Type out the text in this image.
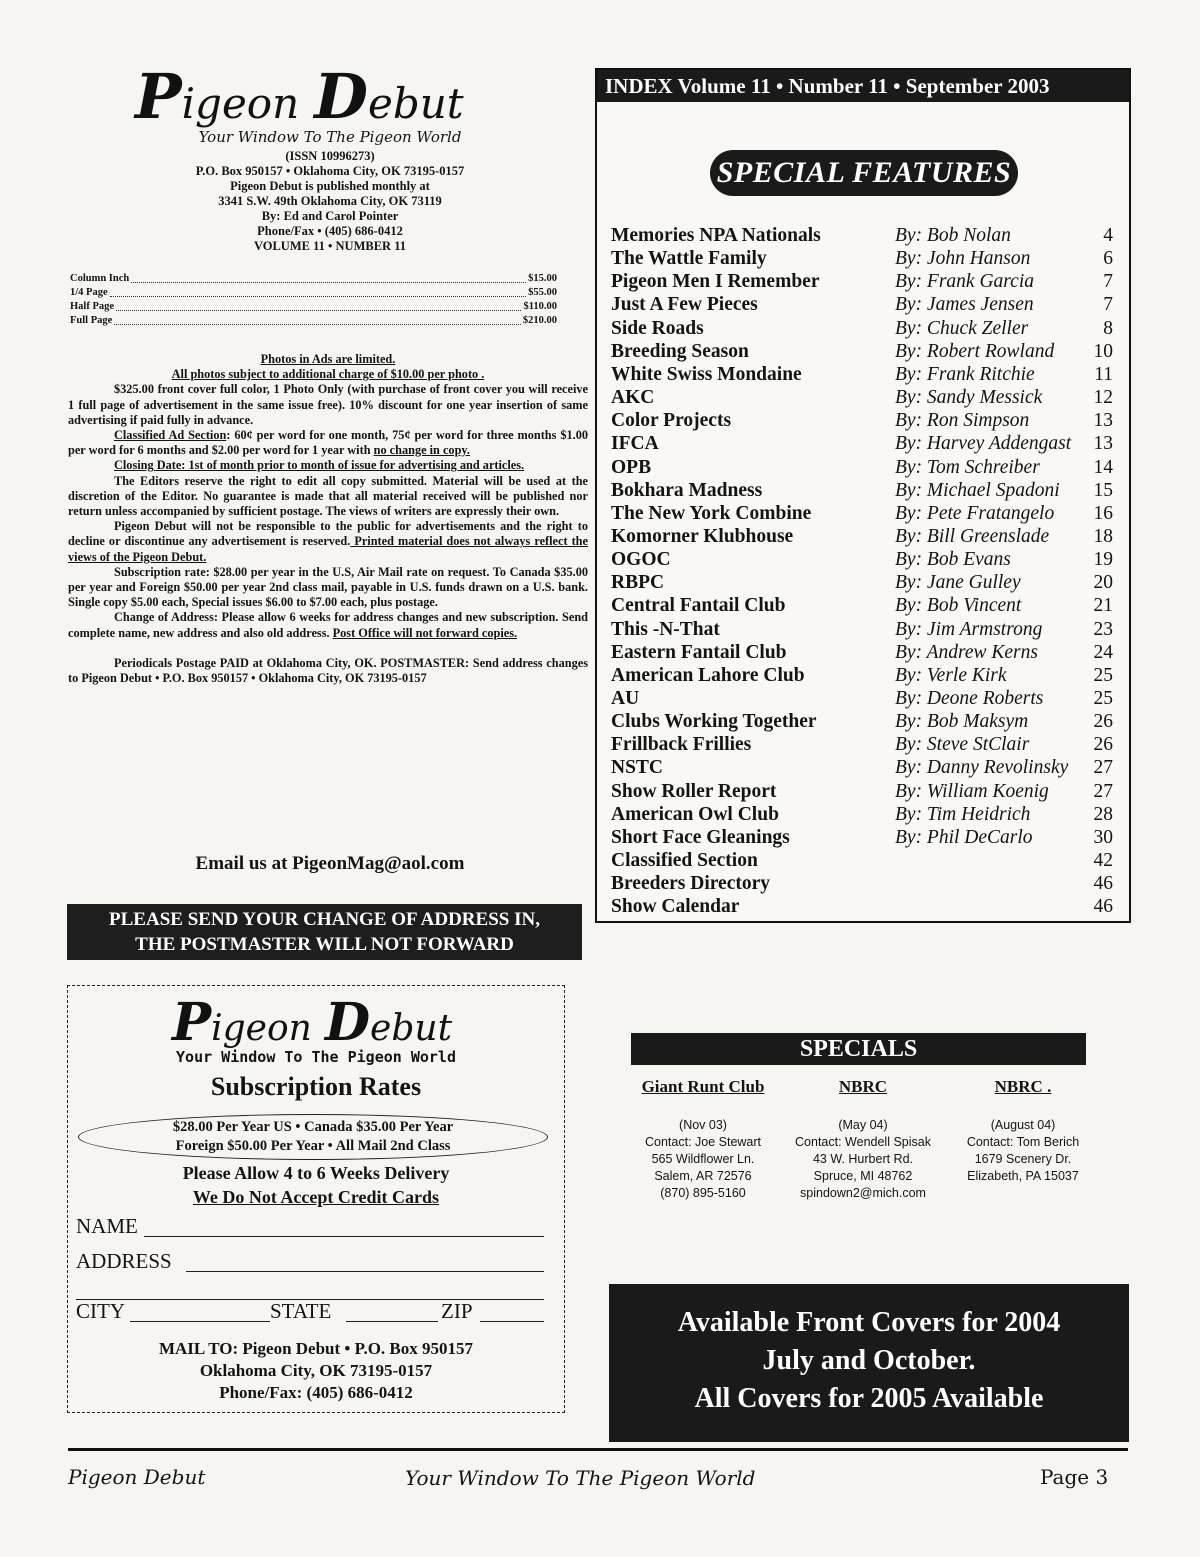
Pigeon Debut
Your Window To The Pigeon World
(ISSN 10996273)
P.O. Box 950157 • Oklahoma City, OK 73195-0157
Pigeon Debut is published monthly at
3341 S.W. 49th Oklahoma City, OK 73119
By: Ed and Carol Pointer
Phone/Fax • (405) 686-0412
VOLUME 11 • NUMBER 11
Column Inch	$15.00
1/4 Page	$55.00
Half Page	$110.00
Full Page	$210.00

Photos in Ads are limited.

All photos subject to additional charge of $10.00 per photo .

$325.00 front cover full color, 1 Photo Only (with purchase of front cover you will receive 1 full page of advertisement in the same issue free). 10% discount for one year insertion of same advertising if paid fully in advance.

Classified Ad Section: 60¢ per word for one month, 75¢ per word for three months $1.00 per word for 6 months and $2.00 per word for 1 year with no change in copy.

Closing Date: 1st of month prior to month of issue for advertising and articles.

The Editors reserve the right to edit all copy submitted. Material will be used at the discretion of the Editor. No guarantee is made that all material received will be published nor return unless accompanied by sufficient postage. The views of writers are expressly their own.

Pigeon Debut will not be responsible to the public for advertisements and the right to decline or discontinue any advertisement is reserved. Printed material does not always reflect the views of the Pigeon Debut.

Subscription rate: $28.00 per year in the U.S, Air Mail rate on request. To Canada $35.00 per year and Foreign $50.00 per year 2nd class mail, payable in U.S. funds drawn on a U.S. bank. Single copy $5.00 each, Special issues $6.00 to $7.00 each, plus postage.

Change of Address: Please allow 6 weeks for address changes and new subscription. Send complete name, new address and also old address. Post Office will not forward copies.

Periodicals Postage PAID at Oklahoma City, OK. POSTMASTER: Send address changes to Pigeon Debut • P.O. Box 950157 • Oklahoma City, OK 73195-0157

Email us at PigeonMag@aol.com
PLEASE SEND YOUR CHANGE OF ADDRESS IN,
THE POSTMASTER WILL NOT FORWARD
Pigeon Debut
Your Window To The Pigeon World
Subscription Rates
$28.00 Per Year US • Canada $35.00 Per Year
Foreign $50.00 Per Year • All Mail 2nd Class
Please Allow 4 to 6 Weeks Delivery
We Do Not Accept Credit Cards
NAME
ADDRESS
CITY	STATE	ZIP
MAIL TO: Pigeon Debut • P.O. Box 950157
Oklahoma City, OK 73195-0157
Phone/Fax: (405) 686-0412
INDEX Volume 11 • Number 11 • September 2003
SPECIAL FEATURES
Memories NPA Nationals	By: Bob Nolan	4
The Wattle Family	By: John Hanson	6
Pigeon Men I Remember	By: Frank Garcia	7
Just A Few Pieces	By: James Jensen	7
Side Roads	By: Chuck Zeller	8
Breeding Season	By: Robert Rowland 10
White Swiss Mondaine	By: Frank Ritchie	11
AKC	By: Sandy Messick	12
Color Projects	By: Ron Simpson	13
IFCA	By: Harvey Addengast 13
OPB	By: Tom Schreiber	14
Bokhara Madness	By: Michael Spadoni 15
The New York Combine	By: Pete Fratangelo 16
Komorner Klubhouse	By: Bill Greenslade 18
OGOC	By: Bob Evans	19
RBPC	By: Jane Gulley	20
Central Fantail Club	By: Bob Vincent	21
This -N-That	By: Jim Armstrong	23
Eastern Fantail Club	By: Andrew Kerns	24
American Lahore Club	By: Verle Kirk	25
AU	By: Deone Roberts	25
Clubs Working Together	By: Bob Maksym	26
Frillback Frillies	By: Steve StClair	26
NSTC	By: Danny Revolinsky 27
Show Roller Report	By: William Koenig 27
American Owl Club	By: Tim Heidrich	28
Short Face Gleanings	By: Phil DeCarlo	30
Classified Section	42
Breeders Directory	46
Show Calendar	46
SPECIALS
Giant Runt Club
(Nov 03)
Contact: Joe Stewart
565 Wildflower Ln.
Salem, AR 72576
(870) 895-5160
NBRC
(May 04)
Contact: Wendell Spisak
43 W. Hurbert Rd.
Spruce, MI 48762
spindown2@mich.com
NBRC .
(August 04)
Contact: Tom Berich
1679 Scenery Dr.
Elizabeth, PA 15037
Available Front Covers for 2004
July and October.
All Covers for 2005 Available
Pigeon Debut	Your Window To The Pigeon World	Page 3
